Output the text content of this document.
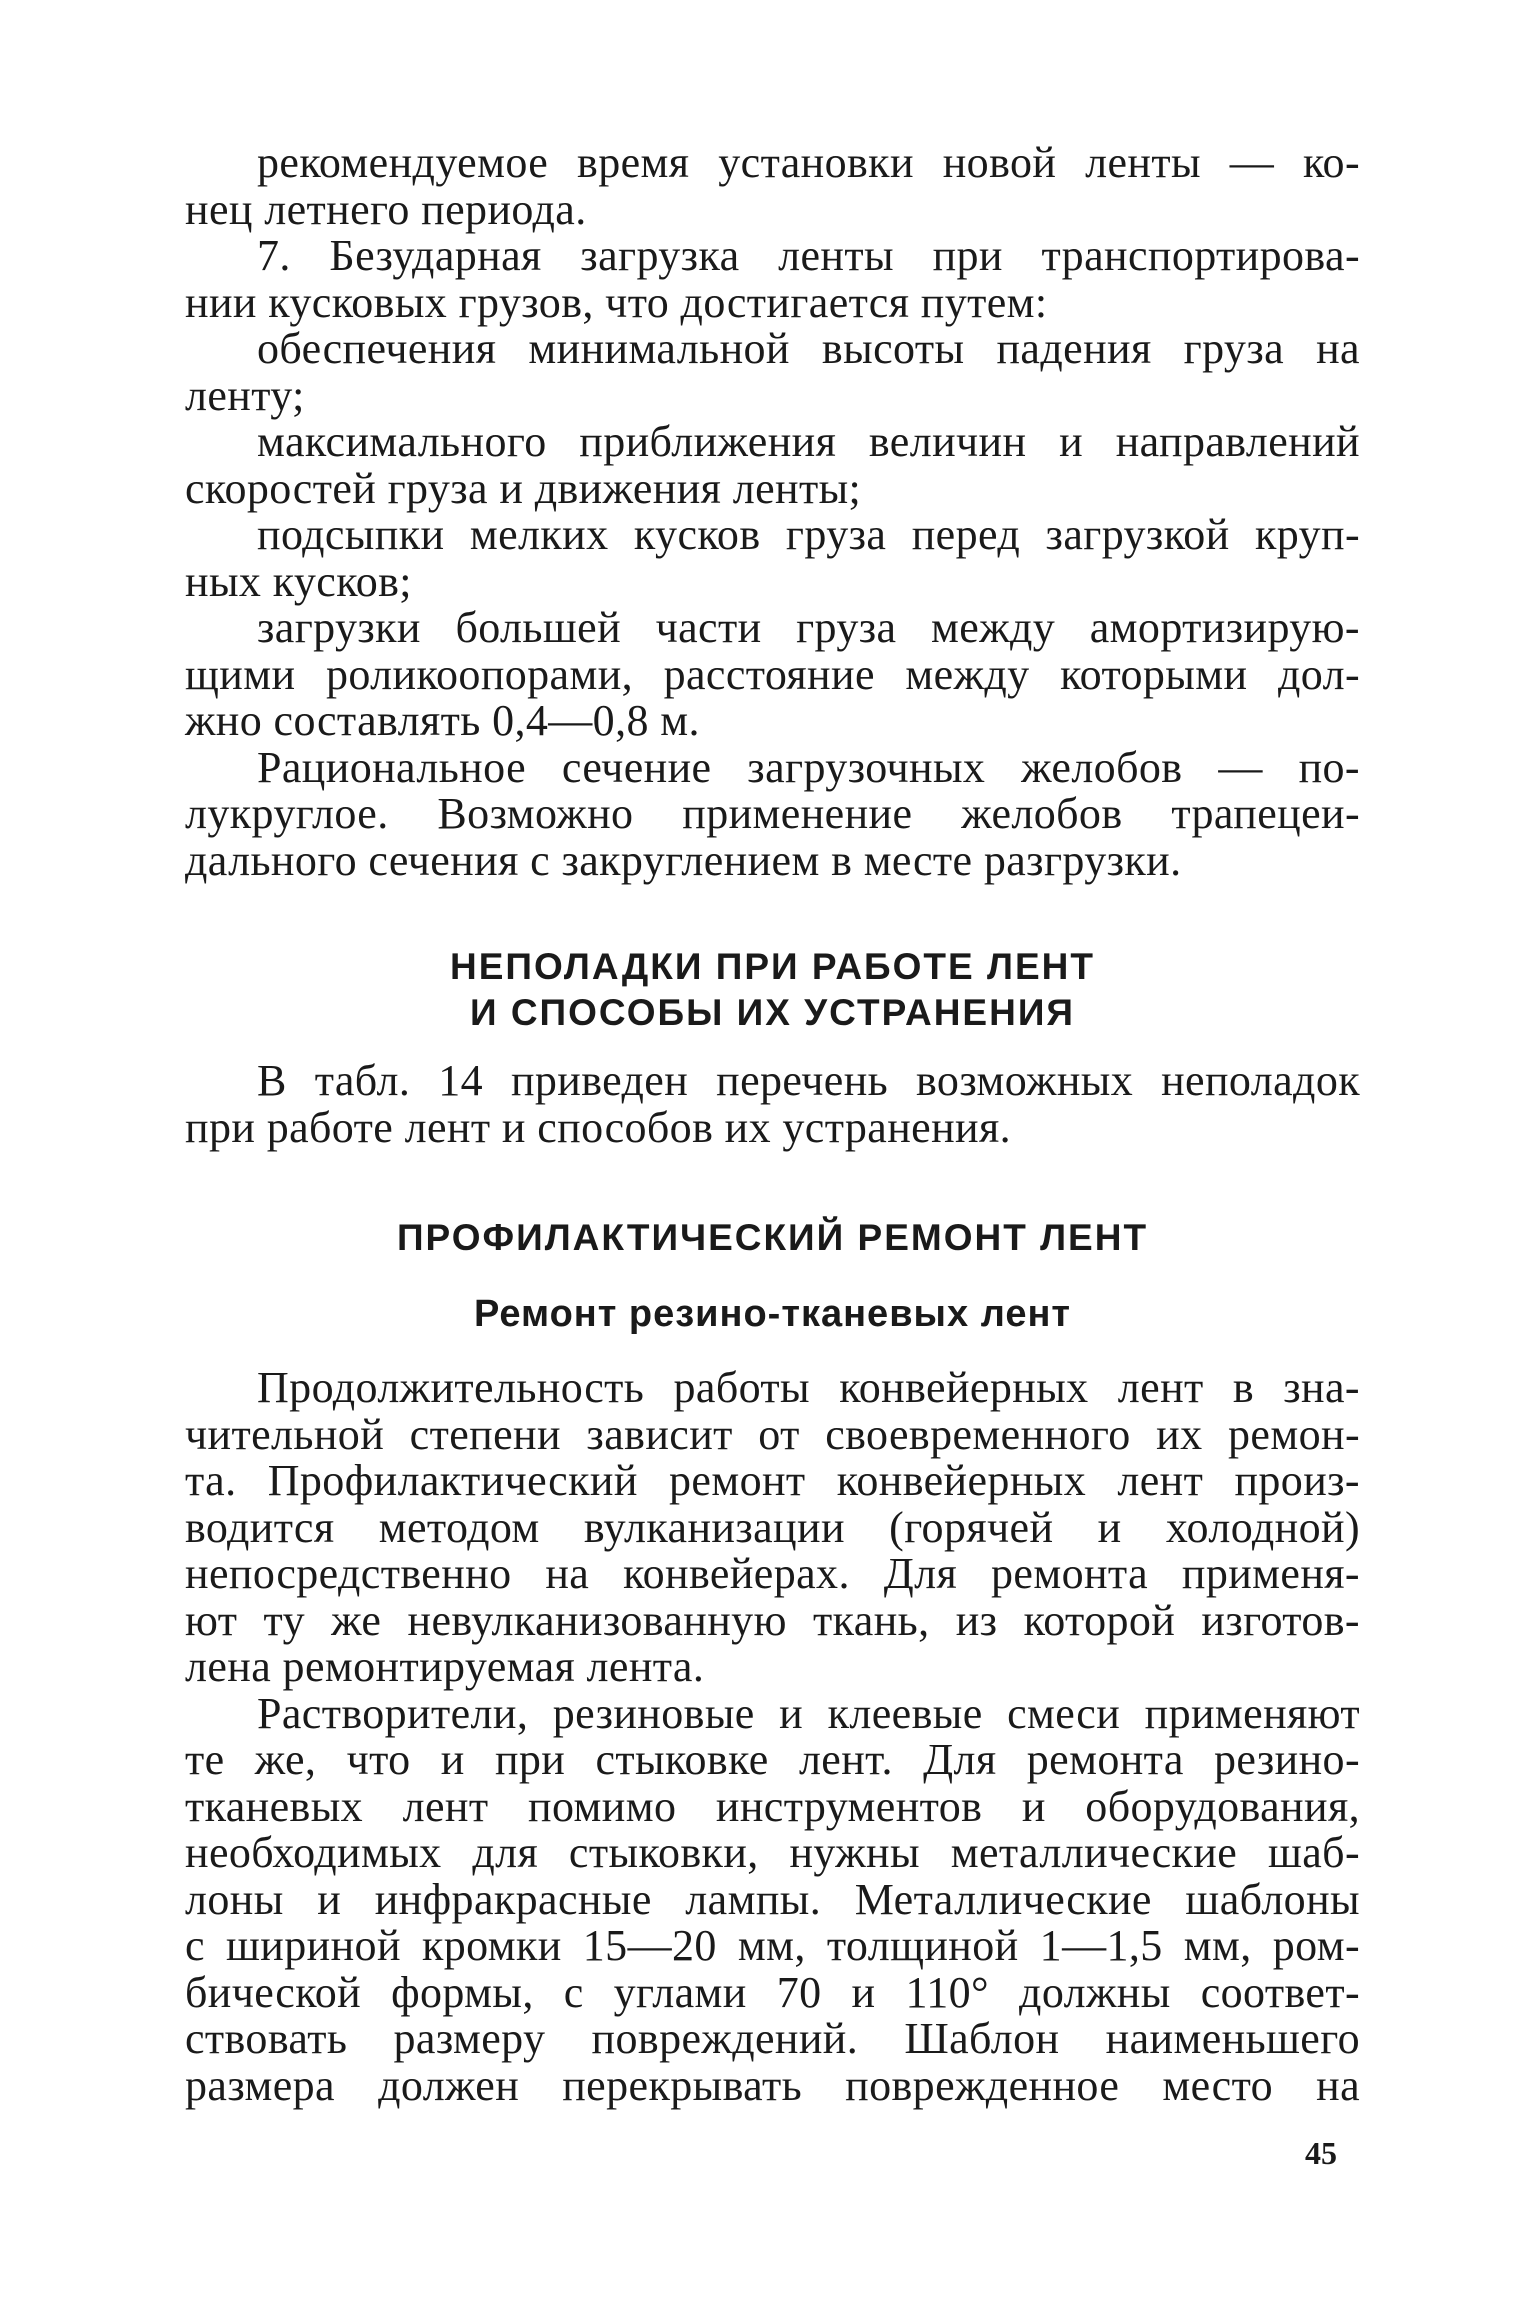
рекомендуемое время установки новой ленты — ко-
нец летнего периода.
7. Безударная загрузка ленты при транспортирова-
нии кусковых грузов, что достигается путем:
обеспечения минимальной высоты падения груза на
ленту;
максимального приближения величин и направлений
скоростей груза и движения ленты;
подсыпки мелких кусков груза перед загрузкой круп-
ных кусков;
загрузки большей части груза между амортизирую-
щими роликоопорами, расстояние между которыми дол-
жно составлять 0,4—0,8 м.
Рациональное сечение загрузочных желобов — по-
лукруглое. Возможно применение желобов трапецеи-
дального сечения с закруглением в месте разгрузки.
НЕПОЛАДКИ ПРИ РАБОТЕ ЛЕНТ
И СПОСОБЫ ИХ УСТРАНЕНИЯ
В табл. 14 приведен перечень возможных неполадок
при работе лент и способов их устранения.
ПРОФИЛАКТИЧЕСКИЙ РЕМОНТ ЛЕНТ
Ремонт резино-тканевых лент
Продолжительность работы конвейерных лент в зна-
чительной степени зависит от своевременного их ремон-
та. Профилактический ремонт конвейерных лент произ-
водится методом вулканизации (горячей и холодной)
непосредственно на конвейерах. Для ремонта применя-
ют ту же невулканизованную ткань, из которой изготов-
лена ремонтируемая лента.
Растворители, резиновые и клеевые смеси применяют
те же, что и при стыковке лент. Для ремонта резино-
тканевых лент помимо инструментов и оборудования,
необходимых для стыковки, нужны металлические шаб-
лоны и инфракрасные лампы. Металлические шаблоны
с шириной кромки 15—20 мм, толщиной 1—1,5 мм, ром-
бической формы, с углами 70 и 110° должны соответ-
ствовать размеру повреждений. Шаблон наименьшего
размера должен перекрывать поврежденное место на
45
